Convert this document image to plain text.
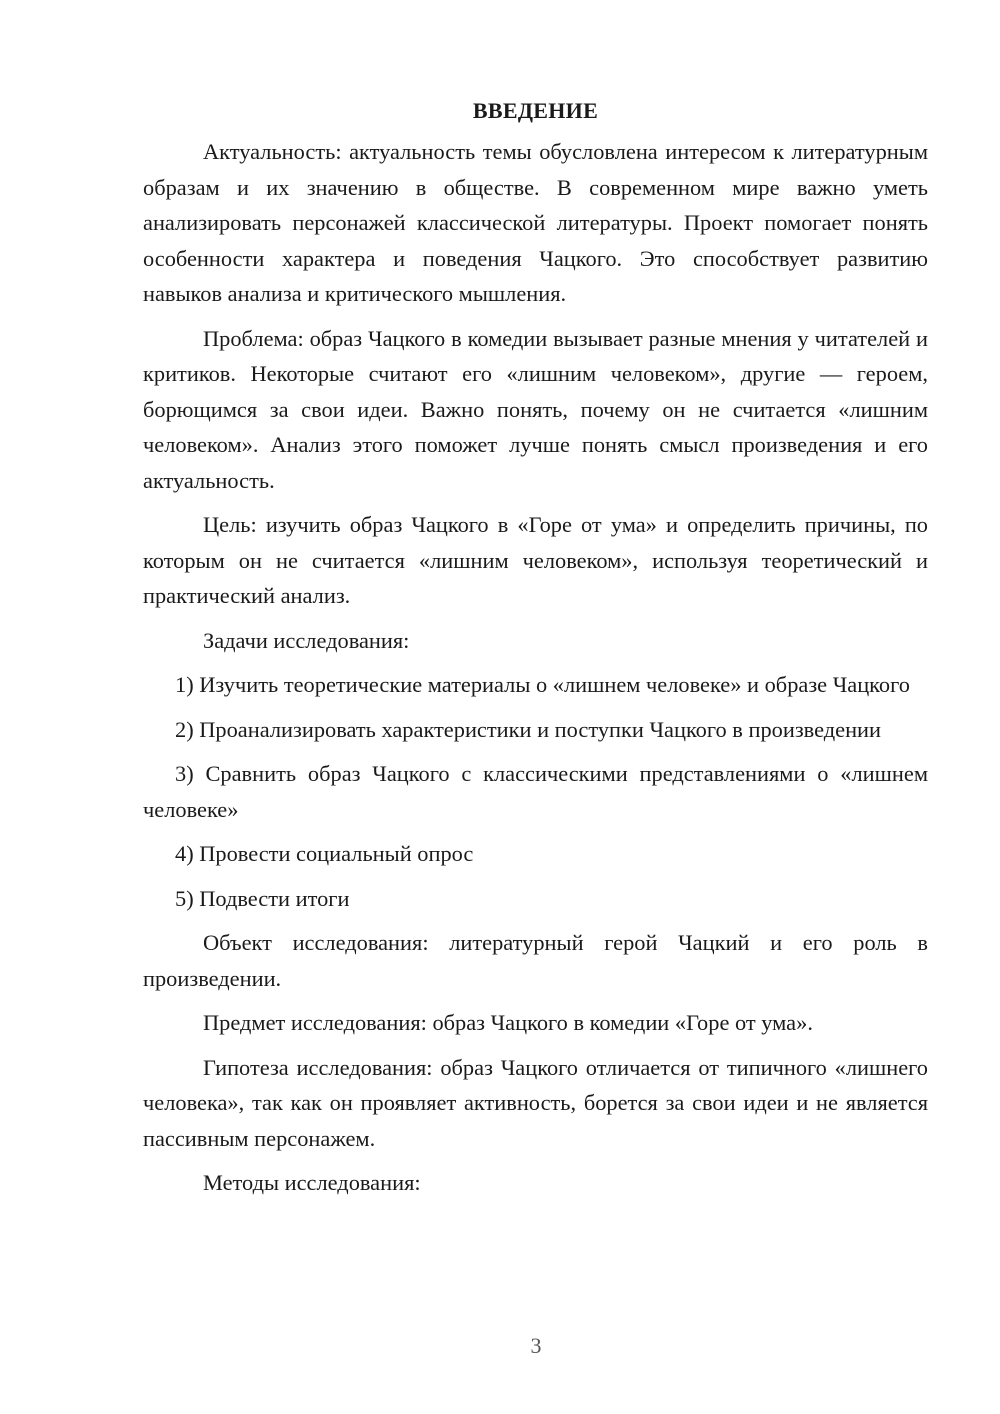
ВВЕДЕНИЕ

Актуальность: актуальность темы обусловлена интересом к литературным образам и их значению в обществе. В современном мире важно уметь анализировать персонажей классической литературы. Проект помогает понять особенности характера и поведения Чацкого. Это способствует развитию навыков анализа и критического мышления.

Проблема: образ Чацкого в комедии вызывает разные мнения у читателей и критиков. Некоторые считают его «лишним человеком», другие — героем, борющимся за свои идеи. Важно понять, почему он не считается «лишним человеком». Анализ этого поможет лучше понять смысл произведения и его актуальность.

Цель: изучить образ Чацкого в «Горе от ума» и определить причины, по которым он не считается «лишним человеком», используя теоретический и практический анализ.

Задачи исследования:

1) Изучить теоретические материалы о «лишнем человеке» и образе Чацкого

2) Проанализировать характеристики и поступки Чацкого в произведении

3) Сравнить образ Чацкого с классическими представлениями о «лишнем человеке»

4) Провести социальный опрос

5) Подвести итоги

Объект исследования: литературный герой Чацкий и его роль в произведении.

Предмет исследования: образ Чацкого в комедии «Горе от ума».

Гипотеза исследования: образ Чацкого отличается от типичного «лишнего человека», так как он проявляет активность, борется за свои идеи и не является пассивным персонажем.

Методы исследования:

3
